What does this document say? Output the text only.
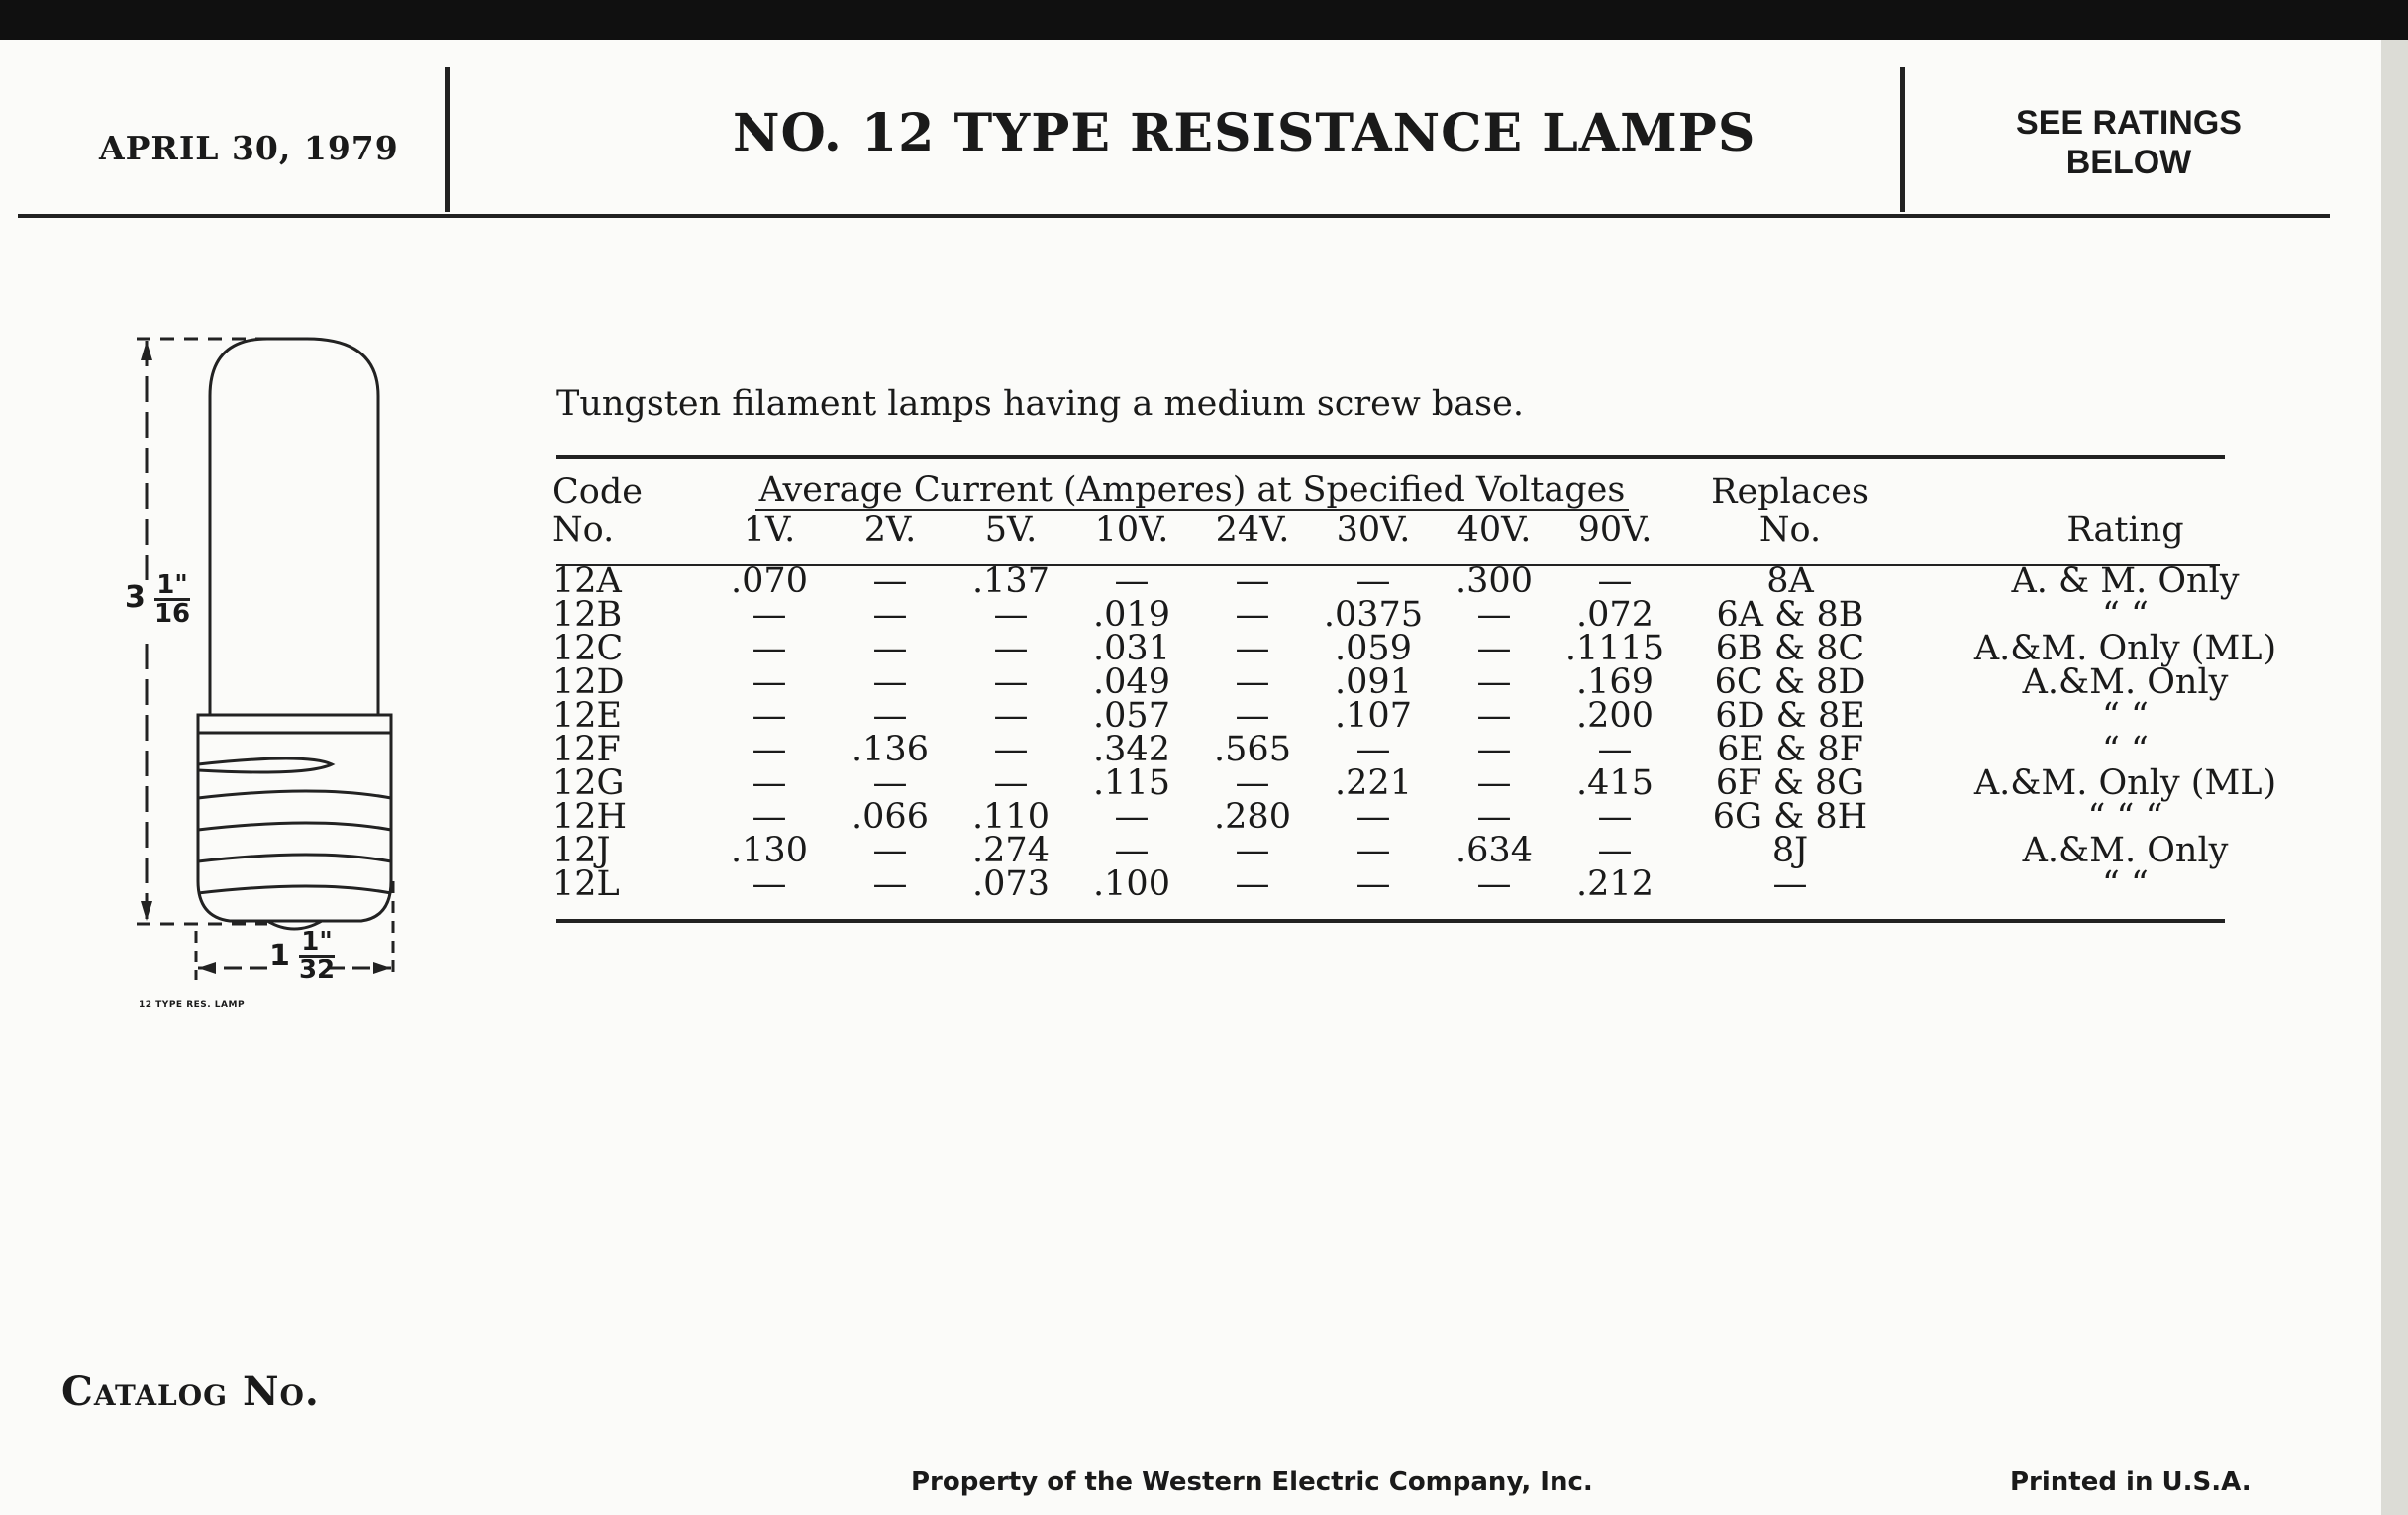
APRIL 30, 1979	NO. 12 TYPE RESISTANCE LAMPS	SEE RATINGS
BELOW
$3 \frac{1"}{16}$
$1 \frac{1"}{32}$
12 TYPE RES. LAMP
Tungsten filament lamps having a medium screw base.
Code	Average Current (Amperes) at Specified Voltages								Replaces	
No.	1V.	2V.	5V.	10V.	24V.	30V.	40V.	90V.	No.	Rating

12A	.070	—	.137	—	—	—	.300	—	8A	A. & M. Only
12B	—	—	—	.019	—	.0375	—	.072	6A & 8B	“ “
12C	—	—	—	.031	—	.059	—	.1115	6B & 8C	A.&M. Only (ML)
12D	—	—	—	.049	—	.091	—	.169	6C & 8D	A.&M. Only
12E	—	—	—	.057	—	.107	—	.200	6D & 8E	“ “
12F	—	.136	—	.342	.565	—	—	—	6E & 8F	“ “
12G	—	—	—	.115	—	.221	—	.415	6F & 8G	A.&M. Only (ML)
12H	—	.066	.110	—	.280	—	—	—	6G & 8H	“ “ “
12J	.130	—	.274	—	—	—	.634	—	8J	A.&M. Only
12L	—	—	.073	.100	—	—	—	.212	—	“ “
Catalog No.
Property of the Western Electric Company, Inc.	Printed in U.S.A.
